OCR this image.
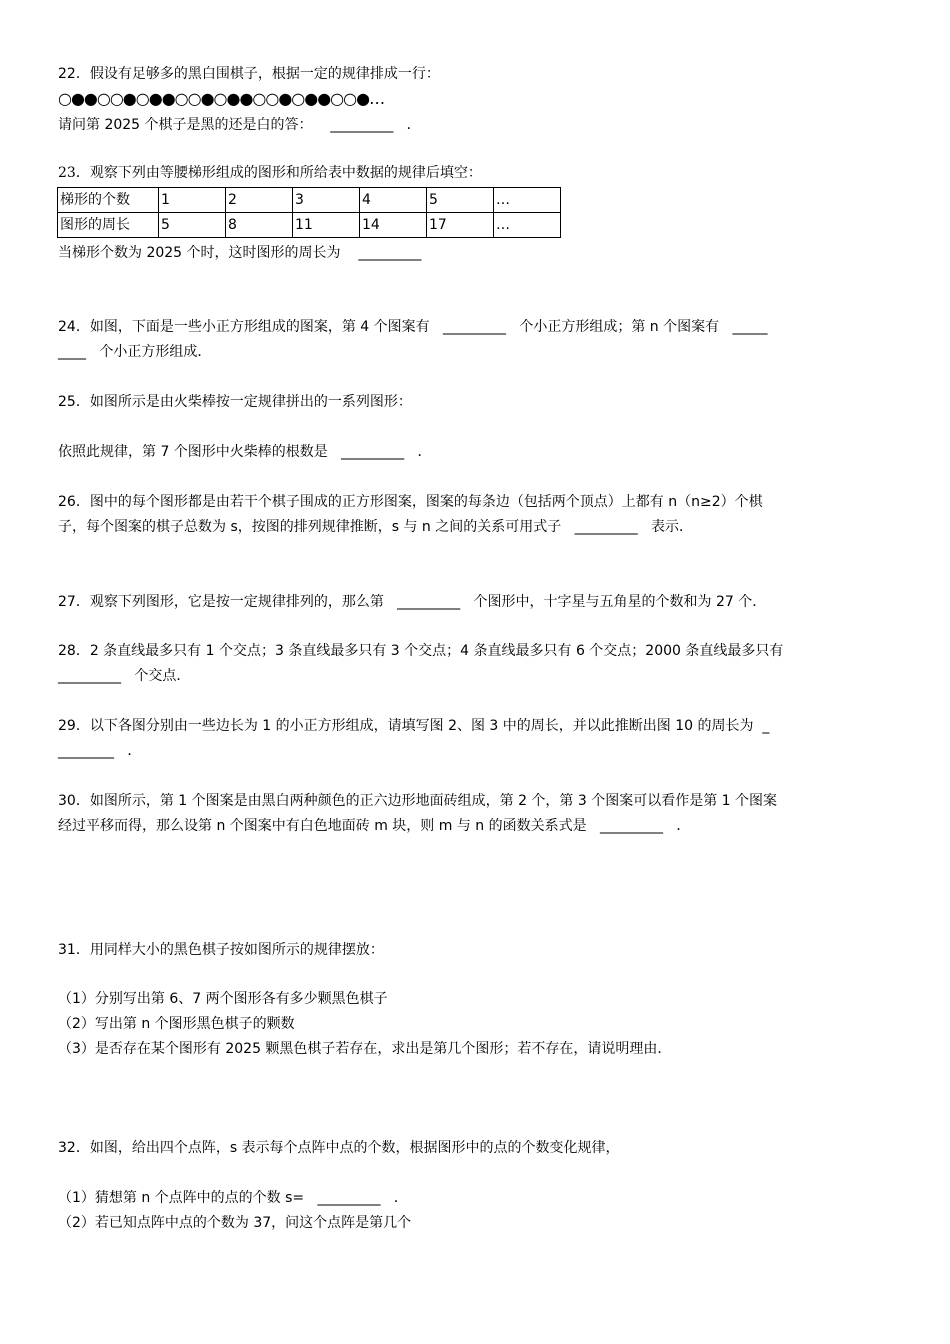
22．假设有足够多的黑白围棋子，根据一定的规律排成一行：
○●●○○●○●●○○●○●●○○●○●●○○●…
请问第 2025 个棋子是黑的还是白的答：    _________   ．
23．观察下列由等腰梯形组成的图形和所给表中数据的规律后填空：
梯形的个数	1	2	3	4	5	…
图形的周长	5	8	11	14	17	…
当梯形个数为 2025 个时，这时图形的周长为    _________
24．如图，下面是一些小正方形组成的图案，第 4 个图案有   _________   个小正方形组成；第 n 个图案有   _____
____   个小正方形组成．
25．如图所示是由火柴棒按一定规律拼出的一系列图形：
依照此规律，第 7 个图形中火柴棒的根数是   _________   ．
26．图中的每个图形都是由若干个棋子围成的正方形图案，图案的每条边（包括两个顶点）上都有 n（n≥2）个棋
子，每个图案的棋子总数为 s，按图的排列规律推断，s 与 n 之间的关系可用式子   _________   表示．
27．观察下列图形，它是按一定规律排列的，那么第   _________   个图形中，十字星与五角星的个数和为 27 个．
28．2 条直线最多只有 1 个交点；3 条直线最多只有 3 个交点；4 条直线最多只有 6 个交点；2000 条直线最多只有
_________   个交点．
29．以下各图分别由一些边长为 1 的小正方形组成，请填写图 2、图 3 中的周长，并以此推断出图 10 的周长为  _
________   ．
30．如图所示，第 1 个图案是由黑白两种颜色的正六边形地面砖组成，第 2 个，第 3 个图案可以看作是第 1 个图案
经过平移而得，那么设第 n 个图案中有白色地面砖 m 块，则 m 与 n 的函数关系式是   _________   ．
31．用同样大小的黑色棋子按如图所示的规律摆放：
（1）分别写出第 6、7 两个图形各有多少颗黑色棋子
（2）写出第 n 个图形黑色棋子的颗数
（3）是否存在某个图形有 2025 颗黑色棋子若存在，求出是第几个图形；若不存在，请说明理由．
32．如图，给出四个点阵，s 表示每个点阵中点的个数，根据图形中的点的个数变化规律，
（1）猜想第 n 个点阵中的点的个数 s=   _________   ．
（2）若已知点阵中点的个数为 37，问这个点阵是第几个
